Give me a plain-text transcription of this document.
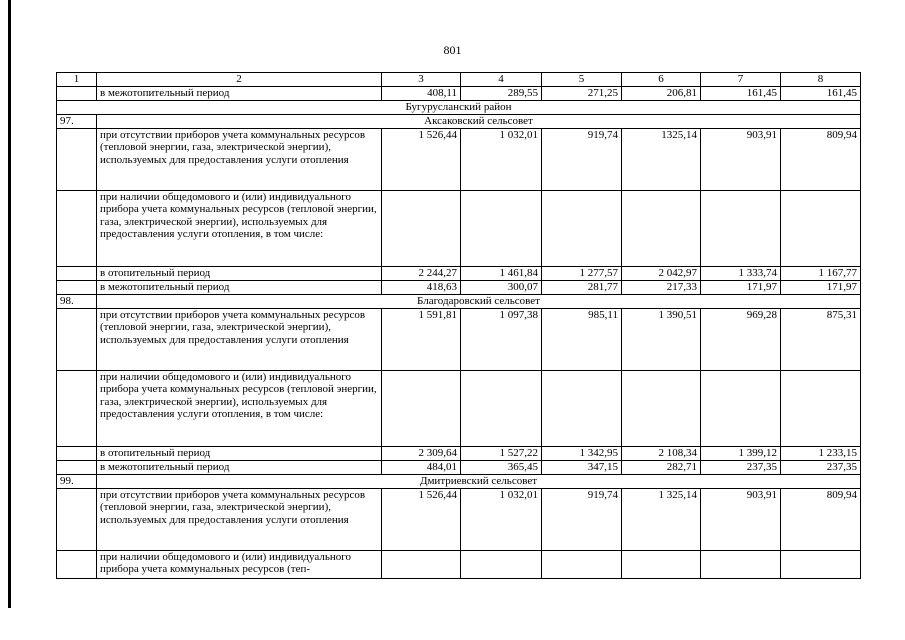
801
1	2	3	4	5	6	7	8
	в межотопительный период	408,11	289,55	271,25	206,81	161,45	161,45
Бугурусланский район							
97.	Аксаковский сельсовет						
	при отсутствии приборов учета коммунальных ресурсов (тепловой энергии, газа, электрической энергии), используемых для предоставления услуги отопления	1 526,44	1 032,01	919,74	1325,14	903,91	809,94
	при наличии общедомового и (или) индивидуального прибора учета коммунальных ресурсов (тепловой энергии, газа, электрической энергии), используемых для предоставления услуги отопления, в том числе:						
	в отопительный период	2 244,27	1 461,84	1 277,57	2 042,97	1 333,74	1 167,77
	в межотопительный период	418,63	300,07	281,77	217,33	171,97	171,97
98.	Благодаровский сельсовет						
	при отсутствии приборов учета коммунальных ресурсов (тепловой энергии, газа, электрической энергии), используемых для предоставления услуги отопления	1 591,81	1 097,38	985,11	1 390,51	969,28	875,31
	при наличии общедомового и (или) индивидуального прибора учета коммунальных ресурсов (тепловой энергии, газа, электрической энергии), используемых для предоставления услуги отопления, в том числе:						
	в отопительный период	2 309,64	1 527,22	1 342,95	2 108,34	1 399,12	1 233,15
	в межотопительный период	484,01	365,45	347,15	282,71	237,35	237,35
99.	Дмитриевский сельсовет						
	при отсутствии приборов учета коммунальных ресурсов (тепловой энергии, газа, электрической энергии), используемых для предоставления услуги отопления	1 526,44	1 032,01	919,74	1 325,14	903,91	809,94
	при наличии общедомового и (или) индивидуального прибора учета коммунальных ресурсов (теп-						
